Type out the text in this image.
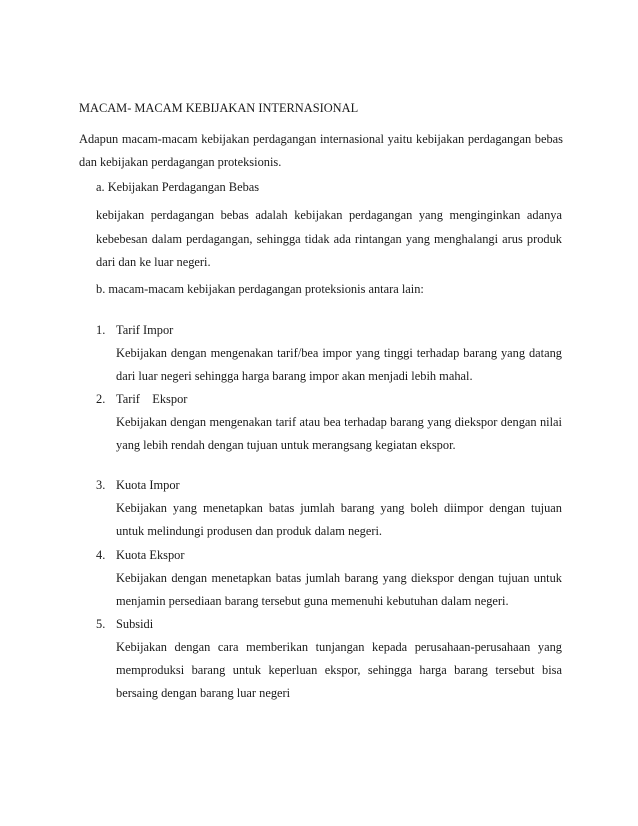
MACAM- MACAM KEBIJAKAN INTERNASIONAL
Adapun macam-macam kebijakan perdagangan internasional yaitu kebijakan perdagangan bebas
dan kebijakan perdagangan proteksionis.
a. Kebijakan Perdagangan Bebas
kebijakan perdagangan bebas adalah kebijakan perdagangan yang menginginkan adanya
kebebesan dalam perdagangan, sehingga tidak ada rintangan yang menghalangi arus produk
dari dan ke luar negeri.
b. macam-macam kebijakan perdagangan proteksionis antara lain:
1. Tarif Impor
Kebijakan dengan mengenakan tarif/bea impor yang tinggi terhadap barang yang datang
dari luar negeri sehingga harga barang impor akan menjadi lebih mahal.
2. Tarif    Ekspor
Kebijakan dengan mengenakan tarif atau bea terhadap barang yang diekspor dengan nilai
yang lebih rendah dengan tujuan untuk merangsang kegiatan ekspor.
3. Kuota Impor
Kebijakan yang menetapkan batas jumlah barang yang boleh diimpor dengan tujuan
untuk melindungi produsen dan produk dalam negeri.
4. Kuota Ekspor
Kebijakan dengan menetapkan batas jumlah barang yang diekspor dengan tujuan untuk
menjamin persediaan barang tersebut guna memenuhi kebutuhan dalam negeri.
5. Subsidi
Kebijakan dengan cara memberikan tunjangan kepada perusahaan-perusahaan yang
memproduksi barang untuk keperluan ekspor, sehingga harga barang tersebut bisa
bersaing dengan barang luar negeri
